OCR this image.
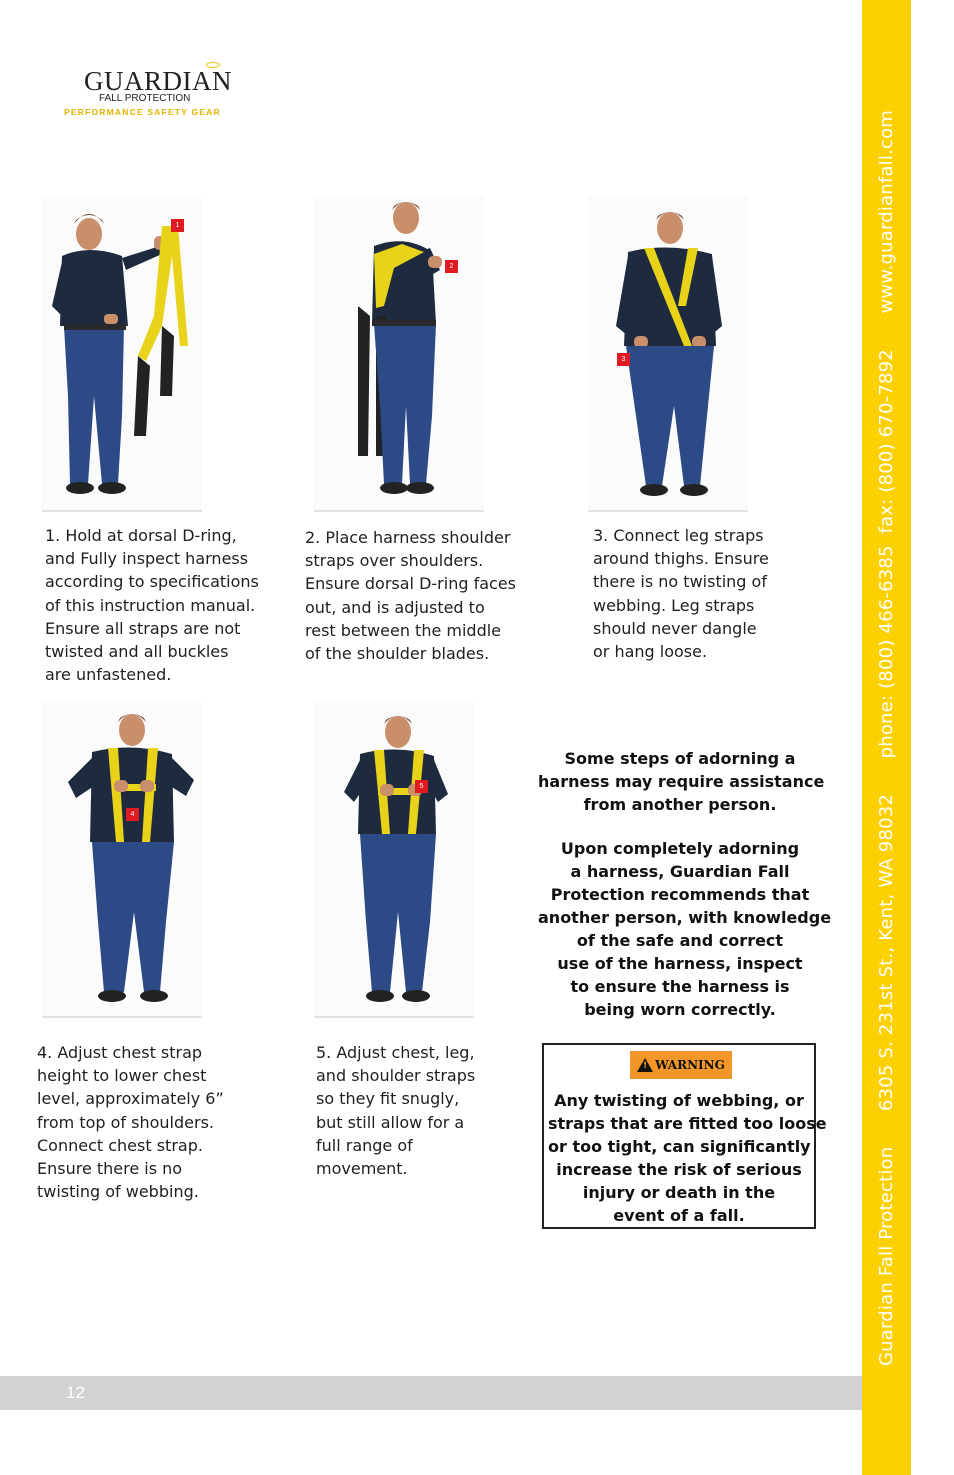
GUARDIAN
FALL PROTECTION
PERFORMANCE SAFETY GEAR
1
2
3
1. Hold at dorsal D-ring,
and Fully inspect harness
according to specifications
of this instruction manual.
Ensure all straps are not
twisted and all buckles
are unfastened.
2. Place harness shoulder
straps over shoulders.
Ensure dorsal D-ring faces
out, and is adjusted to
rest between the middle
of the shoulder blades.
3. Connect leg straps
around thighs. Ensure
there is no twisting of
webbing. Leg straps
should never dangle
or hang loose.
4
5
4. Adjust chest strap
height to lower chest
level, approximately 6”
from top of shoulders.
Connect chest strap.
Ensure there is no
twisting of webbing.
5. Adjust chest, leg,
and shoulder straps
so they fit snugly,
but still allow for a
full range of
movement.

Some steps of adorning a
harness may require assistance
from another person.

Upon completely adorning
a harness, Guardian Fall
Protection recommends that
another person, with knowledge
of the safe and correct
use of the harness, inspect
to ensure the harness is
being worn correctly.

! WARNING
Any twisting of webbing, or
straps that are fitted too loose
or too tight, can significantly
increase the risk of serious
injury or death in the
event of a fall.
12
Guardian Fall Protection      6305 S. 231st St., Kent, WA 98032      phone: (800) 466-6385  fax: (800) 670-7892      www.guardianfall.com
